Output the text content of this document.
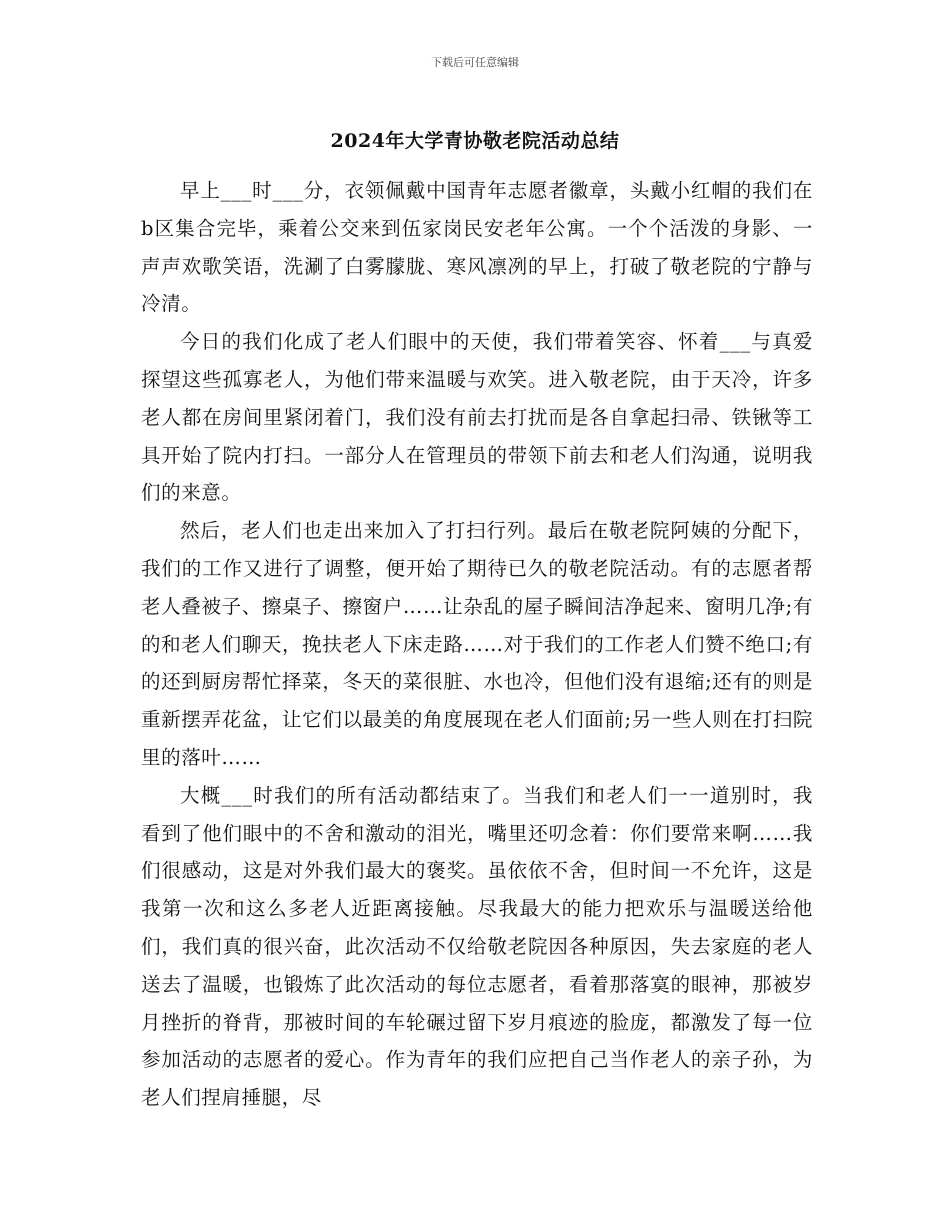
下载后可任意编辑
2024年大学青协敬老院活动总结

早上___时___分，衣领佩戴中国青年志愿者徽章，头戴小红帽的我们在b区集合完毕，乘着公交来到伍家岗民安老年公寓。一个个活泼的身影、一声声欢歌笑语，洗涮了白雾朦胧、寒风凛冽的早上，打破了敬老院的宁静与冷清。

今日的我们化成了老人们眼中的天使，我们带着笑容、怀着___与真爱探望这些孤寡老人，为他们带来温暖与欢笑。进入敬老院，由于天冷，许多老人都在房间里紧闭着门，我们没有前去打扰而是各自拿起扫帚、铁锹等工具开始了院内打扫。一部分人在管理员的带领下前去和老人们沟通，说明我们的来意。

然后，老人们也走出来加入了打扫行列。最后在敬老院阿姨的分配下，我们的工作又进行了调整，便开始了期待已久的敬老院活动。有的志愿者帮老人叠被子、擦桌子、擦窗户……让杂乱的屋子瞬间洁净起来、窗明几净;有的和老人们聊天，挽扶老人下床走路……对于我们的工作老人们赞不绝口;有的还到厨房帮忙择菜，冬天的菜很脏、水也冷，但他们没有退缩;还有的则是重新摆弄花盆，让它们以最美的角度展现在老人们面前;另一些人则在打扫院里的落叶……

大概___时我们的所有活动都结束了。当我们和老人们一一道别时，我看到了他们眼中的不舍和激动的泪光，嘴里还叨念着：你们要常来啊……我们很感动，这是对外我们最大的褒奖。虽依依不舍，但时间一不允许，这是我第一次和这么多老人近距离接触。尽我最大的能力把欢乐与温暖送给他们，我们真的很兴奋，此次活动不仅给敬老院因各种原因，失去家庭的老人送去了温暖，也锻炼了此次活动的每位志愿者，看着那落寞的眼神，那被岁月挫折的脊背，那被时间的车轮碾过留下岁月痕迹的脸庞，都激发了每一位参加活动的志愿者的爱心。作为青年的我们应把自己当作老人的亲子孙，为老人们捏肩捶腿，尽
